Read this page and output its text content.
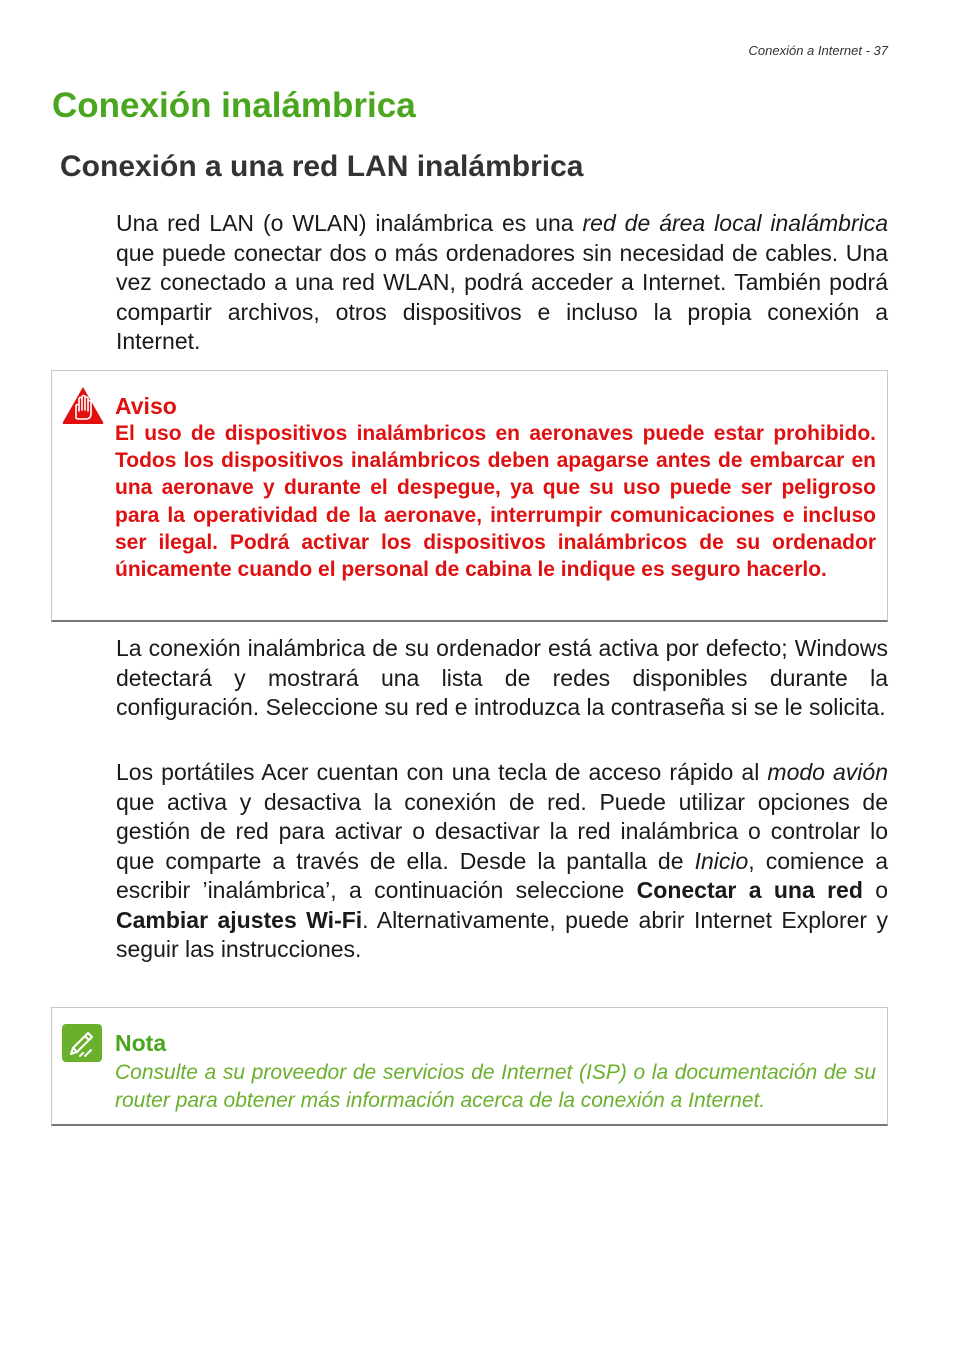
Conexión a Internet - 37
Conexión inalámbrica
Conexión a una red LAN inalámbrica

Una red LAN (o WLAN) inalámbrica es una red de área local inalámbrica que puede conectar dos o más ordenadores sin necesidad de cables. Una vez conectado a una red WLAN, podrá acceder a Internet. También podrá compartir archivos, otros dispositivos e incluso la propia conexión a Internet.

Aviso

El uso de dispositivos inalámbricos en aeronaves puede estar prohibido. Todos los dispositivos inalámbricos deben apagarse antes de embarcar en una aeronave y durante el despegue, ya que su uso puede ser peligroso para la operatividad de la aeronave, interrumpir comunicaciones e incluso ser ilegal. Podrá activar los dispositivos inalámbricos de su ordenador únicamente cuando el personal de cabina le indique es seguro hacerlo.

La conexión inalámbrica de su ordenador está activa por defecto; Windows detectará y mostrará una lista de redes disponibles durante la configuración. Seleccione su red e introduzca la contraseña si se le solicita.

Los portátiles Acer cuentan con una tecla de acceso rápido al modo avión que activa y desactiva la conexión de red. Puede utilizar opciones de gestión de red para activar o desactivar la red inalámbrica o controlar lo que comparte a través de ella. Desde la pantalla de Inicio, comience a escribir ’inalámbrica’, a continuación seleccione Conectar a una red o Cambiar ajustes Wi-Fi. Alternativamente, puede abrir Internet Explorer y seguir las instrucciones.

Nota

Consulte a su proveedor de servicios de Internet (ISP) o la documentación de su router para obtener más información acerca de la conexión a Internet.
